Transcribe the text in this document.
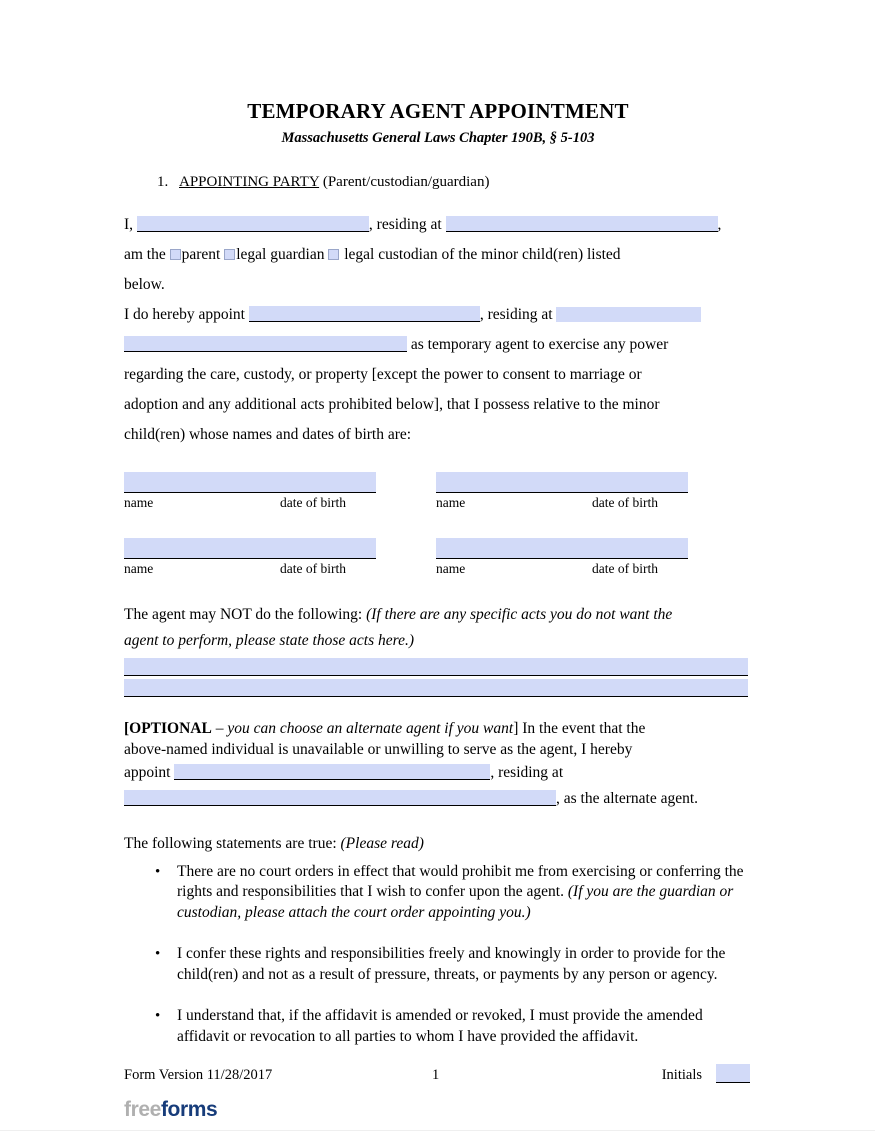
TEMPORARY AGENT APPOINTMENT
Massachusetts General Laws Chapter 190B, § 5-103
1. APPOINTING PARTY (Parent/custodian/guardian)
I,	, residing at	,
am the parent legal guardian legal custodian of the minor child(ren) listed
below.
I do hereby appoint	, residing at
as temporary agent to exercise any power
regarding the care, custody, or property [except the power to consent to marriage or
adoption and any additional acts prohibited below], that I possess relative to the minor
child(ren) whose names and dates of birth are:
name	date of birth	name	date of birth
name	date of birth	name	date of birth
The agent may NOT do the following: (If there are any specific acts you do not want the
agent to perform, please state those acts here.)
[OPTIONAL – you can choose an alternate agent if you want] In the event that the
above-named individual is unavailable or unwilling to serve as the agent, I hereby
appoint	, residing at
, as the alternate agent.
The following statements are true: (Please read)
• There are no court orders in effect that would prohibit me from exercising or conferring the rights and responsibilities that I wish to confer upon the agent. (If you are the guardian or custodian, please attach the court order appointing you.)
• I confer these rights and responsibilities freely and knowingly in order to provide for the child(ren) and not as a result of pressure, threats, or payments by any person or agency.
• I understand that, if the affidavit is amended or revoked, I must provide the amended affidavit or revocation to all parties to whom I have provided the affidavit.
Form Version 11/28/2017	1	Initials
freeforms
